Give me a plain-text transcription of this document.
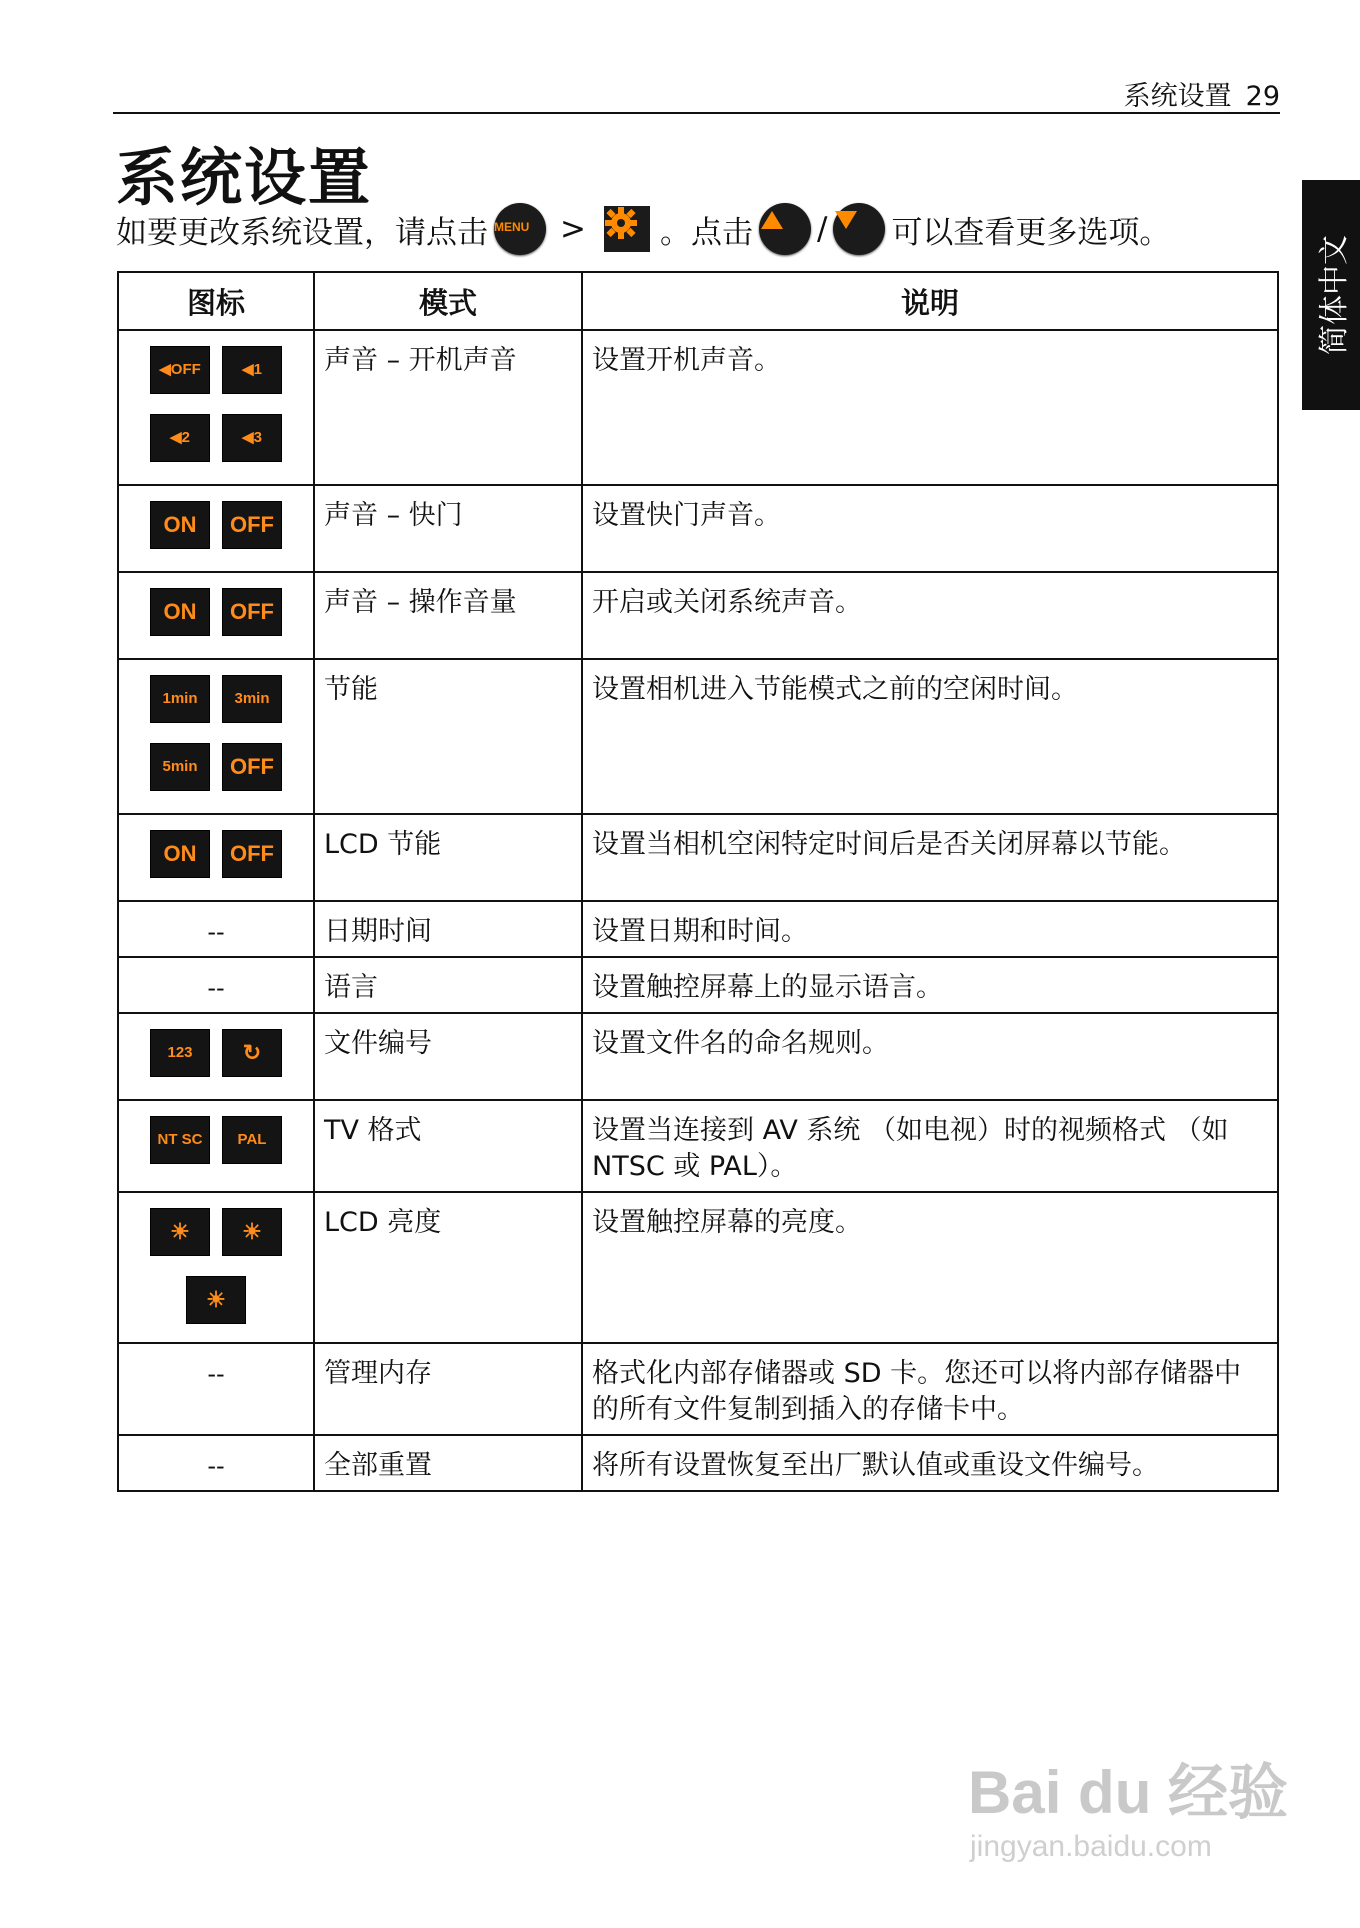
系统设置 29
系统设置
如要更改系统设置，请点击 MENU > 。点击 / 可以查看更多选项。
简体中文
图标	模式	说明

◀OFF ◀1
◀2 ◀3	声音 – 开机声音	设置开机声音。

ON OFF	声音 – 快门	设置快门声音。

ON OFF	声音 – 操作音量	开启或关闭系统声音。

1min 3min
5min OFF	节能	设置相机进入节能模式之前的空闲时间。

ON OFF	LCD 节能	设置当相机空闲特定时间后是否关闭屏幕以节能。
--	日期时间	设置日期和时间。
--	语言	设置触控屏幕上的显示语言。

123 ↻	文件编号	设置文件名的命名规则。

NT SC PAL	TV 格式	设置当连接到 AV 系统 （如电视）时的视频格式 （如 NTSC 或 PAL）。

☀ ☀
☀	LCD 亮度	设置触控屏幕的亮度。
--	管理内存	格式化内部存储器或 SD 卡。您还可以将内部存储器中的所有文件复制到插入的存储卡中。
--	全部重置	将所有设置恢复至出厂默认值或重设文件编号。
Bai du 经验
jingyan.baidu.com
